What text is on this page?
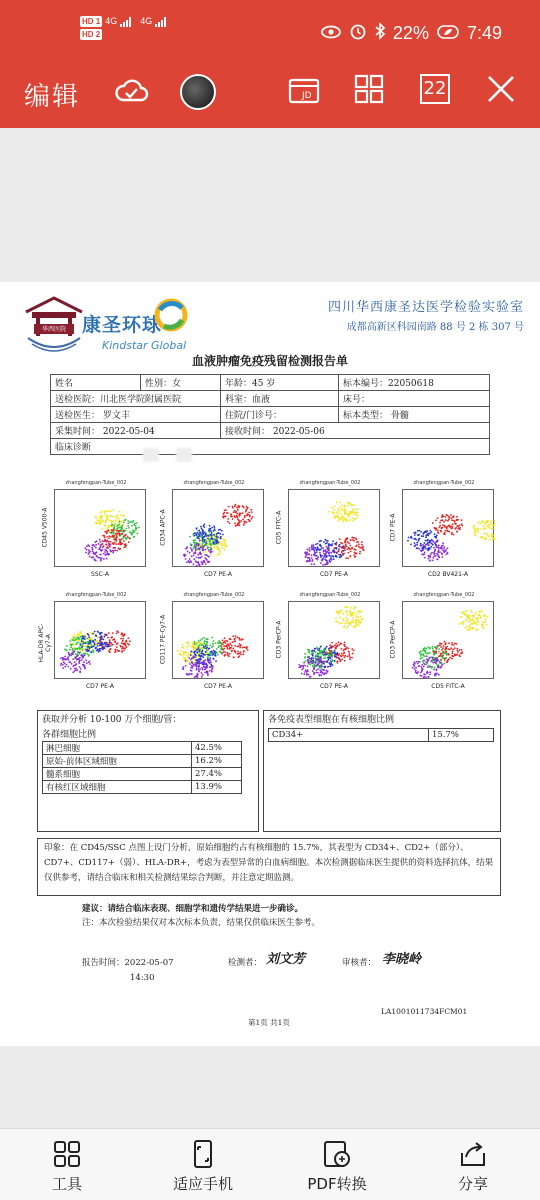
HD 1 4G	4G
HD 2	22% 7:49
编辑	JD	22
华西医院 康圣环球
Kindstar Global
四川华西康圣达医学检验实验室
成都高新区科园南路 88 号 2 栋 307 号
血液肿瘤免疫残留检测报告单
姓名	性别：女	年龄：45 岁	标本编号：22050618
送检医院：川北医学院附属医院		科室：血液	床号：
送检医生： 罗文丰		住院/门诊号：	标本类型： 骨髓
采集时间： 2022-05-04		接收时间： 2022-05-06	
临床诊断			
zhangfengpan-Tube_002
SSC-A
CD45 V500-A
zhangfengpan-Tube_002
CD7 PE-A
CD34 APC-A
zhangfengpan-Tube_002
CD7 PE-A
CD5 FITC-A
zhangfengpan-Tube_002
CD2 BV421-A
CD7 PE-A
zhangfengpan-Tube_002
CD7 PE-A
HLA-DR APC-Cy7-A
zhangfengpan-Tube_002
CD7 PE-A
CD117 PE-Cy7-A
zhangfengpan-Tube_002
CD7 PE-A
CD3 PerCP-A
zhangfengpan-Tube_002
CD5 FITC-A
CD3 PerCP-A
获取并分析 10-100 万个细胞/管：
各群细胞比例
淋巴细胞	42.5%
原始-前体区域细胞	16.2%
髓系细胞	27.4%
有核红区域细胞	13.9%
各免疫表型细胞在有核细胞比例
CD34+	15.7%
印象：在 CD45/SSC 点图上设门分析，原始细胞约占有核细胞的 15.7%，其表型为 CD34+、CD2+（部分）、CD7+、CD117+（弱）、HLA-DR+，考虑为表型异常的白血病细胞。本次检测据临床医生提供的资料选择抗体，结果仅供参考，请结合临床和相关检测结果综合判断，并注意定期监测。
建议：请结合临床表现、细胞学和遗传学结果进一步确诊。
注：本次检验结果仅对本次标本负责，结果仅供临床医生参考。
报告时间：2022-05-07
14:30
检测者： 刘文芳	审核者： 李晓岭
LA1001011734FCM01
第1页 共1页
工具	适应手机	PDF转换	分享
